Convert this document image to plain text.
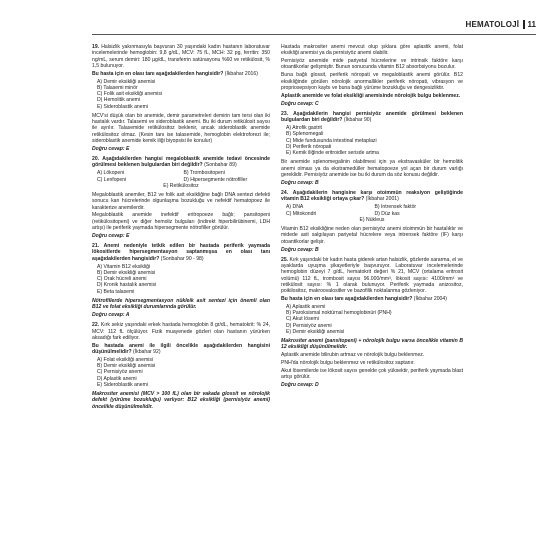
HEMATOLOJİ 11

19. Halsizlik yakınmasıyla başvuran 30 yaşındaki kadın hastanın laboratuvar incelemelerinde hemoglobin: 9,8 g/dL, MCV: 75 fL, MCH: 32 pg, ferritin: 350 ng/mL, serum demiri: 180 µg/dL, transferrin satürasyonu %60 ve retikülosit, % 1,5 bulunuyor.

Bu hasta için en olası tanı aşağıdakilerden hangisidir? (İkbahar 2016)

A) Demir eksikliği anemisi
B) Talasemi minör
C) Folik asit eksikliği anemisi
D) Hemolitik anemi
E) Sideroblastik anemi

MCV'si düşük olan bir anemide, demir parametreleri demirin tam tersi olan iki hastalık vardır. Talasemi ve sideroblastik anemi. Bu iki durum retikülosit sayısı ile ayrılır. Talasemide retikülositoz beklenir, ancak sideroblastik anemide retikülositoz olmaz. (Kesin tanı ise talasemide, hemoglobin elektroforezi ile; sideroblastik anemide kemik iliği biyopsisi ile konulur)

Doğru cevap: E

20. Aşağıdakilerden hangisi megaloblastik anemide tedavi öncesinde görülmesi beklenen bulgulardan biri değildir? (Sonbahar 89)

A) Lökopeni	B) Trombositopeni
C) Lenfopeni	D) Hipersegmente nötrofiller
E) Retikülositoz

Megaloblastik anemiler, B12 ve folik asit eksikliğine bağlı DNA sentezi defekti sonucu kan hücrelerinde olgunlaşma bozukluğu ve nefektif hematopoez ile karakterize anemilerdir.

Megaloblastik anemide inefektif eritropoeze bağlı; pansitopeni (retikülositopeni) ve diğer hemoliz bulguları (indirekt hiperbilirübinemi, LDH artışı) ile periferik yaymada hipersegmente nötrofiller görülür.

Doğru cevap: E

21. Anemi nedeniyle tetkik edilen bir hastada periferik yaymada lökositlerde hipersegmentasyon saptanmışsa en olası tanı aşağıdakilerden hangisidir? (Sonbahar 90 - 98)

A) Vitamin B12 eksikliği
B) Demir eksikliği anemisi
C) Orak hücreli anemi
D) Kronik hastalık anemisi
E) Beta talasemi

Nötrofillerde hipersegmentasyon nükleik asit sentezi için önemli olan B12 ve folat eksikliği durumlarında görülür.

Doğru cevap: A

22. Kırk sekiz yaşındaki erkek hastada hemoglobin 8 gr/dL, hematokrit: % 24, MCV: 112 fL ölçülüyor. Fizik muayenede gözleri olan hastanın yürürken aksadığı fark ediliyor.

Bu hastada anemi ile ilgili öncelikle aşağıdakilerden hangisini düşünülmelidir? (İkbahar 92)

A) Folat eksikliği anemisi
B) Demir eksikliği anemisi
C) Pernisiyöz anemi
D) Aplastik anemi
E) Sideroblastik anemi

Makrositer anemisi (MCV > 100 fL) olan bir vakada glossit ve nörolojik defekt (yürüme bozukluğu) varlıyor: B12 eksikliği (pernisiyöz anemi) öncelikle düşünülmelidir.

Hastada makrositer anemi mevcut olup şıklara göre aplastik anemi, folat eksikliği anemisi ya da pernisiyöz anemi olabilir.

Pernisiyöz anemide mide pariyetal hücrelerine ve intrinsik faktöre karşı otoantikorlar gelişmiştir. Bunun sonucunda vitamin B12 absorbsiyonu bozulur.

Buna bağlı glossit, periferik nöropati ve megaloblastik anemi görülür. B12 eksikliğinde görülen nörolojik anormallikler periferik nöropati, vibrasyon ve propriosepsiyon kaybı ve buna bağlı yürüme bozukluğu ve dengesizliktir.

Aplastik anemide ve folat eksikliği anemisinde nörolojik bulgu beklenmez.

Doğru cevap: C

23. Aşağıdakilerin hangisi pernisiyöz anemide görülmesi beklenen bulgulardan biri değildir? (İkbahar 90)

A) Atrofik gastrit
B) Splenomegali
C) Mide fundusunda intestinal metaplazi
D) Periferik nöropati
E) Kemik iliğinde eritroidler serisde artma

Bir anemide splenomegalinin olabilmesi için ya ekstravasküler bir hemolitik anemi olması ya da ekstramedüller hematopoeze yol açan bir durum varlığı gereklidir. Pernisiyöz anemide ise bu iki durum da söz konusu değildir.

Doğru cevap: B

24. Aşağıdakilerin hangisine karşı otoimmün reaksiyon geliştiğinde vitamin B12 eksikliği ortaya çıkar? (İkbahar 2001)

A) DNA	B) Intrensek faktör
C) Mitokondri	D) Düz kas
E) Nükleus

Vitamin B12 eksikliğine neden olan pernisiyöz anemi otoimmün bir hastalıktır ve midede asit salgılayan pariyetal hücrelere veya intrensek faktöre (IF) karşı otoantikorlar gelişir.

Doğru cevap: B

25. Kırk yaşındaki bir kadın hasta giderek artan halsizlik, gözlerde sararma, el ve ayaklarda uyuşma şikayetleriyle başvuruyor. Laboratuvar incelemelerinde hemoglobin düzeyi 7 g/dL, hematokrit değeri % 21, MCV (ortalama eritrosit volümü) 112 fL, trombosit sayısı 96.000/mm³, lökosit sayısı: 4100/mm³ ve retikülosit sayısı: % 1 olarak bulunuyor. Periferik yaymada anizositoz, poikilositoz, makroovalositler ve bazofilik noktalanma gözleniyor.

Bu hasta için en olası tanı aşağıdakilerden hangisidir? (İkbahar 2004)

A) Aplastik anemi
B) Paroksismal noktürnal hemoglobinüri (PNH)
C) Akut lösemi
D) Pernisiyöz anemi
E) Demir eksikliği anemisi

Makrositer anemi (pansitopeni) + nörolojik bulgu varsa öncelikle vitamin B 12 eksikliği düşünülmelidir.

Aplastik anemide bilirubin artmaz ve nörolojik bulgu beklenmez.

PNH'da nörolojik bulgu beklenmez ve retikülositoz saptanır.

Akut lösemilerde ise lökosit sayısı genelde çok yüksektir, periferik yaymada blast artışı görülür.

Doğru cevap: D
